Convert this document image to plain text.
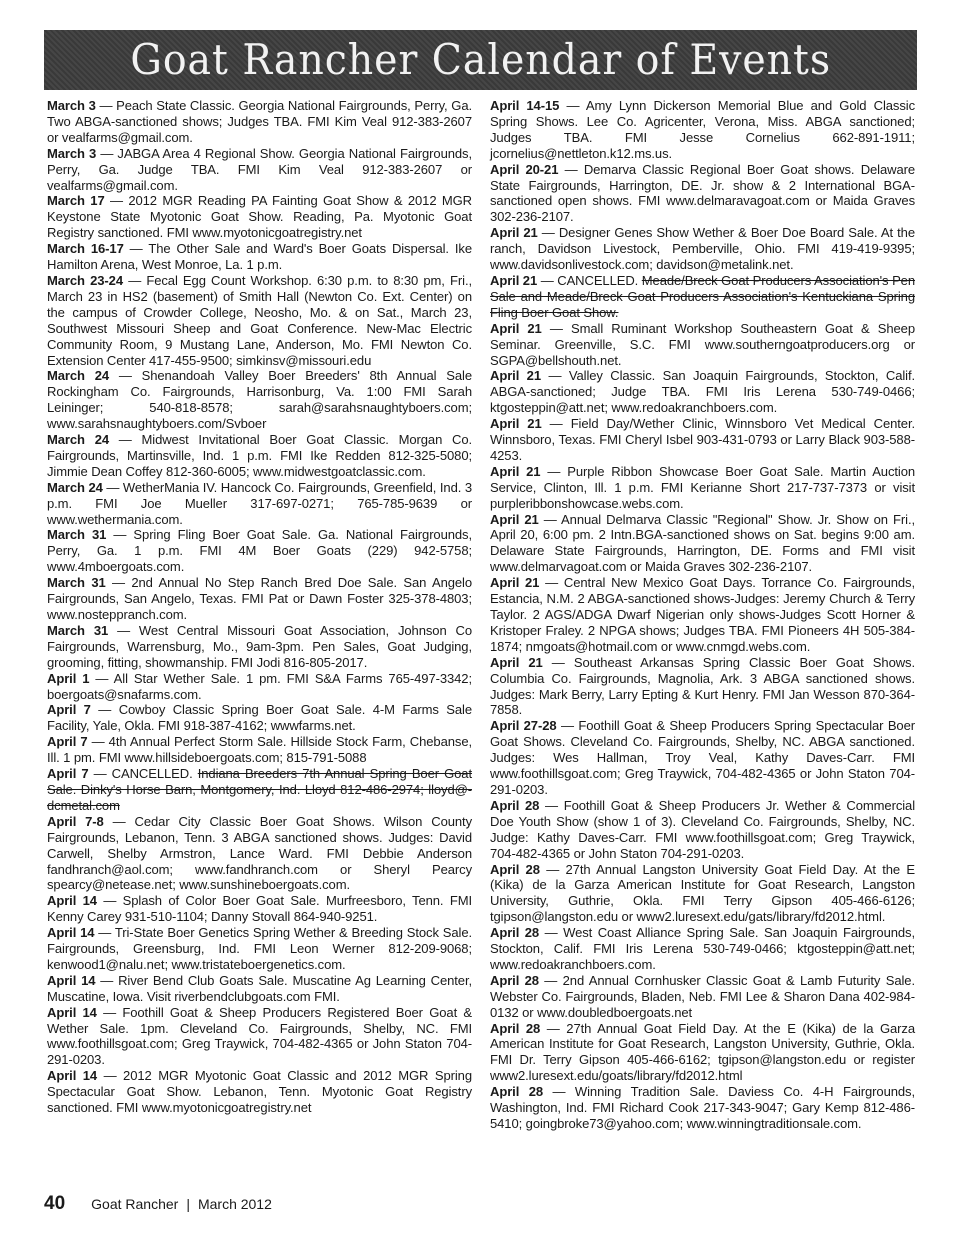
Goat Rancher Calendar of Events

March 3 — Peach State Classic. Georgia National Fairgrounds, Perry, Ga. Two ABGA-sanctioned shows; Judges TBA. FMI Kim Veal 912-383-2607 or vealfarms@gmail.com.

March 3 — JABGA Area 4 Regional Show. Georgia National Fairgrounds, Perry, Ga. Judge TBA. FMI Kim Veal 912-383-2607 or vealfarms@gmail.com.

March 17 — 2012 MGR Reading PA Fainting Goat Show & 2012 MGR Keystone State Myotonic Goat Show. Reading, Pa. Myotonic Goat Registry sanctioned. FMI www.myotonicgoatregistry.net

March 16-17 — The Other Sale and Ward's Boer Goats Dispersal. Ike Hamilton Arena, West Monroe, La. 1 p.m.

March 23-24 — Fecal Egg Count Workshop. 6:30 p.m. to 8:30 pm, Fri., March 23 in HS2 (basement) of Smith Hall (Newton Co. Ext. Center) on the campus of Crowder College, Neosho, Mo. & on Sat., March 23, Southwest Missouri Sheep and Goat Conference. New-Mac Electric Community Room, 9 Mustang Lane, Anderson, Mo. FMI Newton Co. Extension Center 417-455-9500; simkinsv@missouri.edu

March 24 — Shenandoah Valley Boer Breeders' 8th Annual Sale Rockingham Co. Fairgrounds, Harrisonburg, Va. 1:00 FMI Sarah Leininger; 540-818-8578; sarah@sarahsnaughtyboers.com; www.sarahsnaughtyboers.com/Svboer

March 24 — Midwest Invitational Boer Goat Classic. Morgan Co. Fairgrounds, Martinsville, Ind. 1 p.m. FMI Ike Redden 812-325-5080; Jimmie Dean Coffey 812-360-6005; www.midwestgoatclassic.com.

March 24 — WetherMania IV. Hancock Co. Fairgrounds, Greenfield, Ind. 3 p.m. FMI Joe Mueller 317-697-0271; 765-785-9639 or www.wethermania.com.

March 31 — Spring Fling Boer Goat Sale. Ga. National Fairgrounds, Perry, Ga. 1 p.m. FMI 4M Boer Goats (229) 942-5758; www.4mboergoats.com.

March 31 — 2nd Annual No Step Ranch Bred Doe Sale. San Angelo Fairgrounds, San Angelo, Texas. FMI Pat or Dawn Foster 325-378-4803; www.nosteppranch.com.

March 31 — West Central Missouri Goat Association, Johnson Co Fairgrounds, Warrensburg, Mo., 9am-3pm. Pen Sales, Goat Judging, grooming, fitting, showmanship. FMI Jodi 816-805-2017.

April 1 — All Star Wether Sale. 1 pm. FMI S&A Farms 765-497-3342; boergoats@snafarms.com.

April 7 — Cowboy Classic Spring Boer Goat Sale. 4-M Farms Sale Facility, Yale, Okla. FMI 918-387-4162; wwwfarms.net.

April 7 — 4th Annual Perfect Storm Sale. Hillside Stock Farm, Chebanse, Ill. 1 pm. FMI www.hillsideboergoats.com; 815-791-5088

April 7 — CANCELLED. Indiana Breeders 7th Annual Spring Boer Goat Sale. Dinky's Horse Barn, Montgomery, Ind. Lloyd 812-486-2974; lloyd@-dcmetal.com

April 7-8 — Cedar City Classic Boer Goat Shows. Wilson County Fairgrounds, Lebanon, Tenn. 3 ABGA sanctioned shows. Judges: David Carwell, Shelby Armstron, Lance Ward. FMI Debbie Anderson fandhranch@aol.com; www.fandhranch.com or Sheryl Pearcy spearcy@netease.net; www.sunshineboergoats.com.

April 14 — Splash of Color Boer Goat Sale. Murfreesboro, Tenn. FMI Kenny Carey 931-510-1104; Danny Stovall 864-940-9251.

April 14 — Tri-State Boer Genetics Spring Wether & Breeding Stock Sale. Fairgrounds, Greensburg, Ind. FMI Leon Werner 812-209-9068; kenwood1@nalu.net; www.tristateboergenetics.com.

April 14 — River Bend Club Goats Sale. Muscatine Ag Learning Center, Muscatine, Iowa. Visit riverbendclubgoats.com FMI.

April 14 — Foothill Goat & Sheep Producers Registered Boer Goat & Wether Sale. 1pm. Cleveland Co. Fairgrounds, Shelby, NC. FMI www.foothillsgoat.com; Greg Traywick, 704-482-4365 or John Staton 704-291-0203.

April 14 — 2012 MGR Myotonic Goat Classic and 2012 MGR Spring Spectacular Goat Show. Lebanon, Tenn. Myotonic Goat Registry sanctioned. FMI www.myotonicgoatregistry.net

April 14-15 — Amy Lynn Dickerson Memorial Blue and Gold Classic Spring Shows. Lee Co. Agricenter, Verona, Miss. ABGA sanctioned; Judges TBA. FMI Jesse Cornelius 662-891-1911; jcornelius@nettleton.k12.ms.us.

April 20-21 — Demarva Classic Regional Boer Goat shows. Delaware State Fairgrounds, Harrington, DE. Jr. show & 2 International BGA-sanctioned open shows. FMI www.delmaravagoat.com or Maida Graves 302-236-2107.

April 21 — Designer Genes Show Wether & Boer Doe Board Sale. At the ranch, Davidson Livestock, Pemberville, Ohio. FMI 419-419-9395; www.davidsonlivestock.com; davidson@metalink.net.

April 21 — CANCELLED. Meade/Breck Goat Producers Association's Pen Sale and Meade/Breck Goat Producers Association's Kentuckiana Spring Fling Boer Goat Show.

April 21 — Small Ruminant Workshop Southeastern Goat & Sheep Seminar. Greenville, S.C. FMI www.southerngoatproducers.org or SGPA@bellshouth.net.

April 21 — Valley Classic. San Joaquin Fairgrounds, Stockton, Calif. ABGA-sanctioned; Judge TBA. FMI Iris Lerena 530-749-0466; ktgosteppin@att.net; www.redoakranchboers.com.

April 21 — Field Day/Wether Clinic, Winnsboro Vet Medical Center. Winnsboro, Texas. FMI Cheryl Isbel 903-431-0793 or Larry Black 903-588-4253.

April 21 — Purple Ribbon Showcase Boer Goat Sale. Martin Auction Service, Clinton, Ill. 1 p.m. FMI Kerianne Short 217-737-7373 or visit purpleribbonshowcase.webs.com.

April 21 — Annual Delmarva Classic "Regional" Show. Jr. Show on Fri., April 20, 6:00 pm. 2 Intn.BGA-sanctioned shows on Sat. begins 9:00 am. Delaware State Fairgrounds, Harrington, DE. Forms and FMI visit www.delmarvagoat.com or Maida Graves 302-236-2107.

April 21 — Central New Mexico Goat Days. Torrance Co. Fairgrounds, Estancia, N.M. 2 ABGA-sanctioned shows-Judges: Jeremy Church & Terry Taylor. 2 AGS/ADGA Dwarf Nigerian only shows-Judges Scott Horner & Kristoper Fraley. 2 NPGA shows; Judges TBA. FMI Pioneers 4H 505-384-1874; nmgoats@hotmail.com or www.cnmgd.webs.com.

April 21 — Southeast Arkansas Spring Classic Boer Goat Shows. Columbia Co. Fairgrounds, Magnolia, Ark. 3 ABGA sanctioned shows. Judges: Mark Berry, Larry Epting & Kurt Henry. FMI Jan Wesson 870-364-7858.

April 27-28 — Foothill Goat & Sheep Producers Spring Spectacular Boer Goat Shows. Cleveland Co. Fairgrounds, Shelby, NC. ABGA sanctioned. Judges: Wes Hallman, Troy Veal, Kathy Daves-Carr. FMI www.foothillsgoat.com; Greg Traywick, 704-482-4365 or John Staton 704-291-0203.

April 28 — Foothill Goat & Sheep Producers Jr. Wether & Commercial Doe Youth Show (show 1 of 3). Cleveland Co. Fairgrounds, Shelby, NC. Judge: Kathy Daves-Carr. FMI www.foothillsgoat.com; Greg Traywick, 704-482-4365 or John Staton 704-291-0203.

April 28 — 27th Annual Langston University Goat Field Day. At the E (Kika) de la Garza American Institute for Goat Research, Langston University, Guthrie, Okla. FMI Terry Gipson 405-466-6126; tgipson@langston.edu or www2.luresext.edu/gats/library/fd2012.html.

April 28 — West Coast Alliance Spring Sale. San Joaquin Fairgrounds, Stockton, Calif. FMI Iris Lerena 530-749-0466; ktgosteppin@att.net; www.redoakranchboers.com.

April 28 — 2nd Annual Cornhusker Classic Goat & Lamb Futurity Sale. Webster Co. Fairgrounds, Bladen, Neb. FMI Lee & Sharon Dana 402-984-0132 or www.doubledboergoats.net

April 28 — 27th Annual Goat Field Day. At the E (Kika) de la Garza American Institute for Goat Research, Langston University, Guthrie, Okla. FMI Dr. Terry Gipson 405-466-6162; tgipson@langston.edu or register www2.luresext.edu/goats/library/fd2012.html

April 28 — Winning Tradition Sale. Daviess Co. 4-H Fairgrounds, Washington, Ind. FMI Richard Cook 217-343-9047; Gary Kemp 812-486-5410; goingbroke73@yahoo.com; www.winningtraditionsale.com.

40 Goat Rancher | March 2012
